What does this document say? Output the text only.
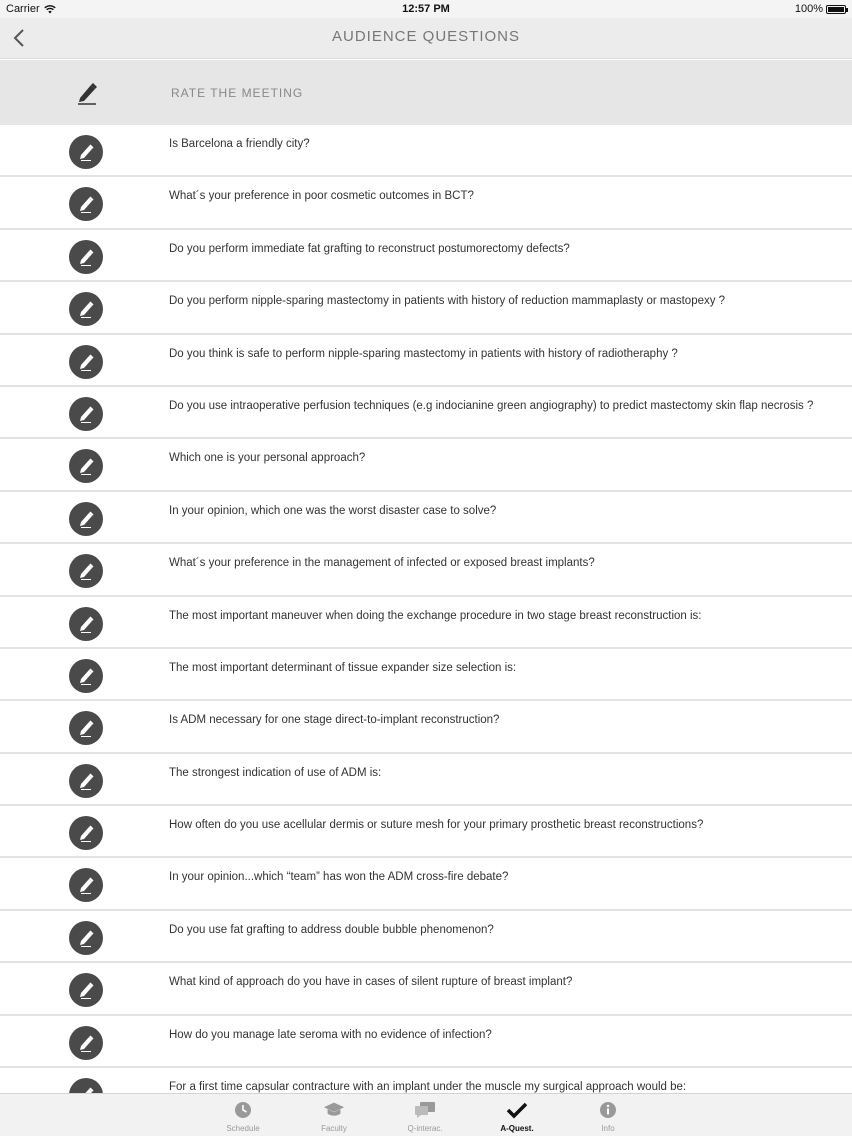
Carrier	12:57 PM	100%
AUDIENCE QUESTIONS
RATE THE MEETING
Is Barcelona a friendly city?
What´s your preference in poor cosmetic outcomes in BCT?
Do you perform immediate fat grafting to reconstruct postumorectomy defects?
Do you perform nipple-sparing mastectomy in patients with history of reduction mammaplasty or mastopexy ?
Do you think is safe to perform nipple-sparing mastectomy in patients with history of radiotheraphy ?
Do you use intraoperative perfusion techniques (e.g indocianine green angiography) to predict mastectomy skin flap necrosis ?
Which one is your personal approach?
In your opinion, which one was the worst disaster case to solve?
What´s your preference in the management of infected or exposed breast implants?
The most important maneuver when doing the exchange procedure in two stage breast reconstruction is:
The most important determinant of tissue expander size selection is:
Is ADM necessary for one stage direct-to-implant reconstruction?
The strongest indication of use of ADM is:
How often do you use acellular dermis or suture mesh for your primary prosthetic breast reconstructions?
In your opinion...which “team” has won the ADM cross-fire debate?
Do you use fat grafting to address double bubble phenomenon?
What kind of approach do you have in cases of silent rupture of breast implant?
How do you manage late seroma with no evidence of infection?
For a first time capsular contracture with an implant under the muscle my surgical approach would be:
Schedule	Faculty	Q-interac.	A-Quest.	Info
